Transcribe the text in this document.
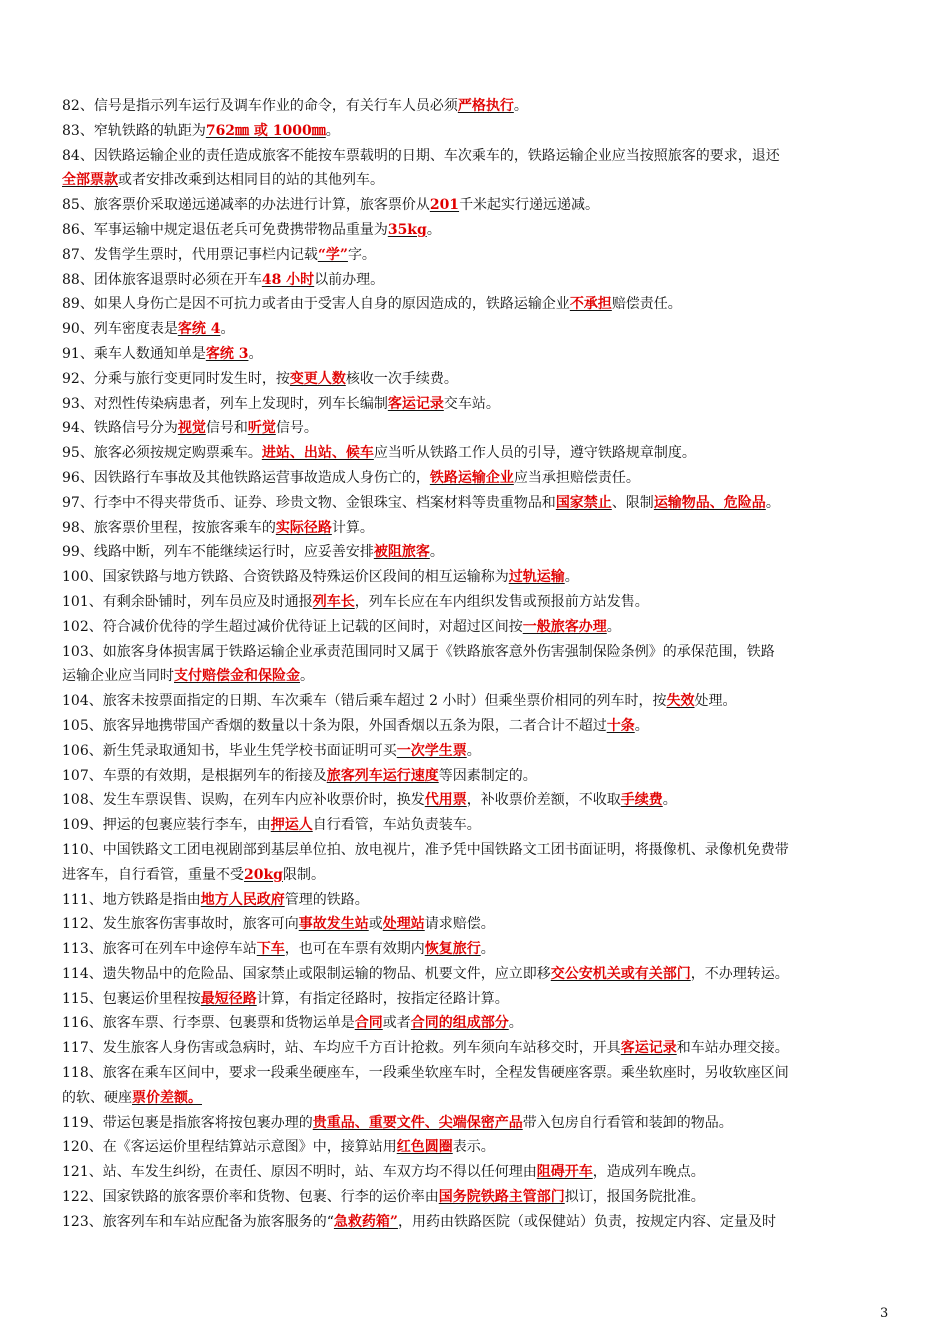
82、信号是指示列车运行及调车作业的命令，有关行车人员必须严格执行。
83、窄轨铁路的轨距为762㎜ 或 1000㎜。
84、因铁路运输企业的责任造成旅客不能按车票载明的日期、车次乘车的，铁路运输企业应当按照旅客的要求，退还
全部票款或者安排改乘到达相同目的站的其他列车。
85、旅客票价采取递远递减率的办法进行计算，旅客票价从201千米起实行递远递减。
86、军事运输中规定退伍老兵可免费携带物品重量为35kg。
87、发售学生票时，代用票记事栏内记载“学”字。
88、团体旅客退票时必须在开车48 小时以前办理。
89、如果人身伤亡是因不可抗力或者由于受害人自身的原因造成的，铁路运输企业不承担赔偿责任。
90、列车密度表是客统 4。
91、乘车人数通知单是客统 3。
92、分乘与旅行变更同时发生时，按变更人数核收一次手续费。
93、对烈性传染病患者，列车上发现时，列车长编制客运记录交车站。
94、铁路信号分为视觉信号和听觉信号。
95、旅客必须按规定购票乘车。进站、出站、候车应当听从铁路工作人员的引导，遵守铁路规章制度。
96、因铁路行车事故及其他铁路运营事故造成人身伤亡的，铁路运输企业应当承担赔偿责任。
97、行李中不得夹带货币、证券、珍贵文物、金银珠宝、档案材料等贵重物品和国家禁止、限制运输物品、危险品。
98、旅客票价里程，按旅客乘车的实际径路计算。
99、线路中断，列车不能继续运行时，应妥善安排被阻旅客。
100、国家铁路与地方铁路、合资铁路及特殊运价区段间的相互运输称为过轨运输。
101、有剩余卧铺时，列车员应及时通报列车长，列车长应在车内组织发售或预报前方站发售。
102、符合减价优待的学生超过减价优待证上记载的区间时，对超过区间按一般旅客办理。
103、如旅客身体损害属于铁路运输企业承责范围同时又属于《铁路旅客意外伤害强制保险条例》的承保范围，铁路
运输企业应当同时支付赔偿金和保险金。
104、旅客未按票面指定的日期、车次乘车（错后乘车超过 2 小时）但乘坐票价相同的列车时，按失效处理。
105、旅客异地携带国产香烟的数量以十条为限，外国香烟以五条为限，二者合计不超过十条。
106、新生凭录取通知书，毕业生凭学校书面证明可买一次学生票。
107、车票的有效期，是根据列车的衔接及旅客列车运行速度等因素制定的。
108、发生车票误售、误购，在列车内应补收票价时，换发代用票，补收票价差额，不收取手续费。
109、押运的包裹应装行李车，由押运人自行看管，车站负责装车。
110、中国铁路文工团电视剧部到基层单位拍、放电视片，准予凭中国铁路文工团书面证明，将摄像机、录像机免费带
进客车，自行看管，重量不受20kg限制。
111、地方铁路是指由地方人民政府管理的铁路。
112、发生旅客伤害事故时，旅客可向事故发生站或处理站请求赔偿。
113、旅客可在列车中途停车站下车，也可在车票有效期内恢复旅行。
114、遗失物品中的危险品、国家禁止或限制运输的物品、机要文件，应立即移交公安机关或有关部门，不办理转运。
115、包裹运价里程按最短径路计算，有指定径路时，按指定径路计算。
116、旅客车票、行李票、包裹票和货物运单是合同或者合同的组成部分。
117、发生旅客人身伤害或急病时，站、车均应千方百计抢救。列车须向车站移交时，开具客运记录和车站办理交接。
118、旅客在乘车区间中，要求一段乘坐硬座车，一段乘坐软座车时，全程发售硬座客票。乘坐软座时，另收软座区间
的软、硬座票价差额。
119、带运包裹是指旅客将按包裹办理的贵重品、重要文件、尖端保密产品带入包房自行看管和装卸的物品。
120、在《客运运价里程结算站示意图》中，接算站用红色圆圈表示。
121、站、车发生纠纷，在责任、原因不明时，站、车双方均不得以任何理由阻碍开车，造成列车晚点。
122、国家铁路的旅客票价率和货物、包裹、行李的运价率由国务院铁路主管部门拟订，报国务院批准。
123、旅客列车和车站应配备为旅客服务的“急救药箱”，用药由铁路医院（或保健站）负责，按规定内容、定量及时
3
